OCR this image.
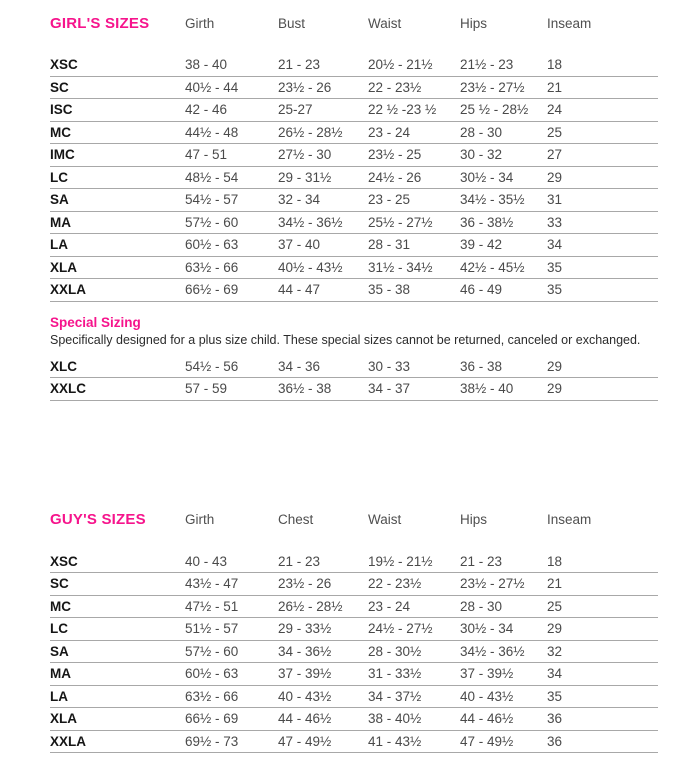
GIRL'S SIZES	Girth	Bust	Waist	Hips	Inseam
XSC	38 - 40	21 - 23	20½ - 21½	21½ - 23	18
SC	40½ - 44	23½ - 26	22 - 23½	23½ - 27½	21
ISC	42 - 46	25-27	22 ½ -23 ½	25 ½ - 28½	24
MC	44½ - 48	26½ - 28½	23 - 24	28 - 30	25
IMC	47 - 51	27½ - 30	23½ - 25	30 - 32	27
LC	48½ - 54	29 - 31½	24½ - 26	30½ - 34	29
SA	54½ - 57	32 - 34	23 - 25	34½ - 35½	31
MA	57½ - 60	34½ - 36½	25½ - 27½	36 - 38½	33
LA	60½ - 63	37 - 40	28 - 31	39 - 42	34
XLA	63½ - 66	40½ - 43½	31½ - 34½	42½ - 45½	35
XXLA	66½ - 69	44 - 47	35 - 38	46 - 49	35
Special Sizing
Specifically designed for a plus size child. These special sizes cannot be returned, canceled or exchanged.
XLC	54½ - 56	34 - 36	30 - 33	36 - 38	29
XXLC	57 - 59	36½ - 38	34 - 37	38½ - 40	29
GUY'S SIZES	Girth	Chest	Waist	Hips	Inseam
XSC	40 - 43	21 - 23	19½ - 21½	21 - 23	18
SC	43½ - 47	23½ - 26	22 - 23½	23½ - 27½	21
MC	47½ - 51	26½ - 28½	23 - 24	28 - 30	25
LC	51½ - 57	29 - 33½	24½ - 27½	30½ - 34	29
SA	57½ - 60	34 - 36½	28 - 30½	34½ - 36½	32
MA	60½ - 63	37 - 39½	31 - 33½	37 - 39½	34
LA	63½ - 66	40 - 43½	34 - 37½	40 - 43½	35
XLA	66½ - 69	44 - 46½	38 - 40½	44 - 46½	36
XXLA	69½ - 73	47 - 49½	41 - 43½	47 - 49½	36
